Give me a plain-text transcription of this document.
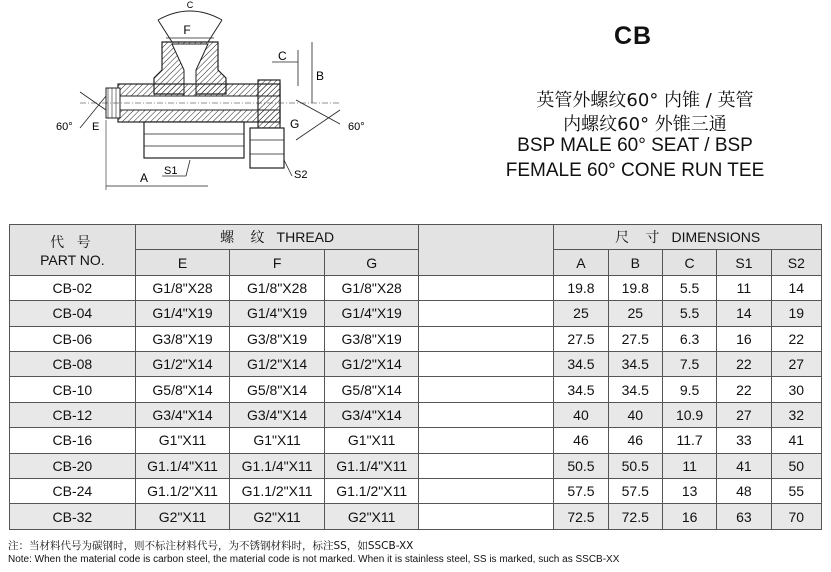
C
F
60° E	60°
G
C
B
A S1	S2
CB
英管外螺纹60° 内锥 / 英管
内螺纹60° 外锥三通
BSP MALE 60° SEAT / BSP
FEMALE 60° CONE RUN TEE
代 号
PART NO.	螺 纹 THREAD				尺 寸 DIMENSIONS				
	E	F	G		A	B	C	S1	S2
CB-02	G1/8"X28	G1/8"X28	G1/8"X28		19.8	19.8	5.5	11	14
CB-04	G1/4"X19	G1/4"X19	G1/4"X19		25	25	5.5	14	19
CB-06	G3/8"X19	G3/8"X19	G3/8"X19		27.5	27.5	6.3	16	22
CB-08	G1/2"X14	G1/2"X14	G1/2"X14		34.5	34.5	7.5	22	27
CB-10	G5/8"X14	G5/8"X14	G5/8"X14		34.5	34.5	9.5	22	30
CB-12	G3/4"X14	G3/4"X14	G3/4"X14		40	40	10.9	27	32
CB-16	G1"X11	G1"X11	G1"X11		46	46	11.7	33	41
CB-20	G1.1/4"X11	G1.1/4"X11	G1.1/4"X11		50.5	50.5	11	41	50
CB-24	G1.1/2"X11	G1.1/2"X11	G1.1/2"X11		57.5	57.5	13	48	55
CB-32	G2"X11	G2"X11	G2"X11		72.5	72.5	16	63	70
注：当材料代号为碳钢时，则不标注材料代号，为不锈钢材料时，标注SS，如SSCB-XX
Note: When the material code is carbon steel, the material code is not marked. When it is stainless steel, SS is marked, such as SSCB-XX
